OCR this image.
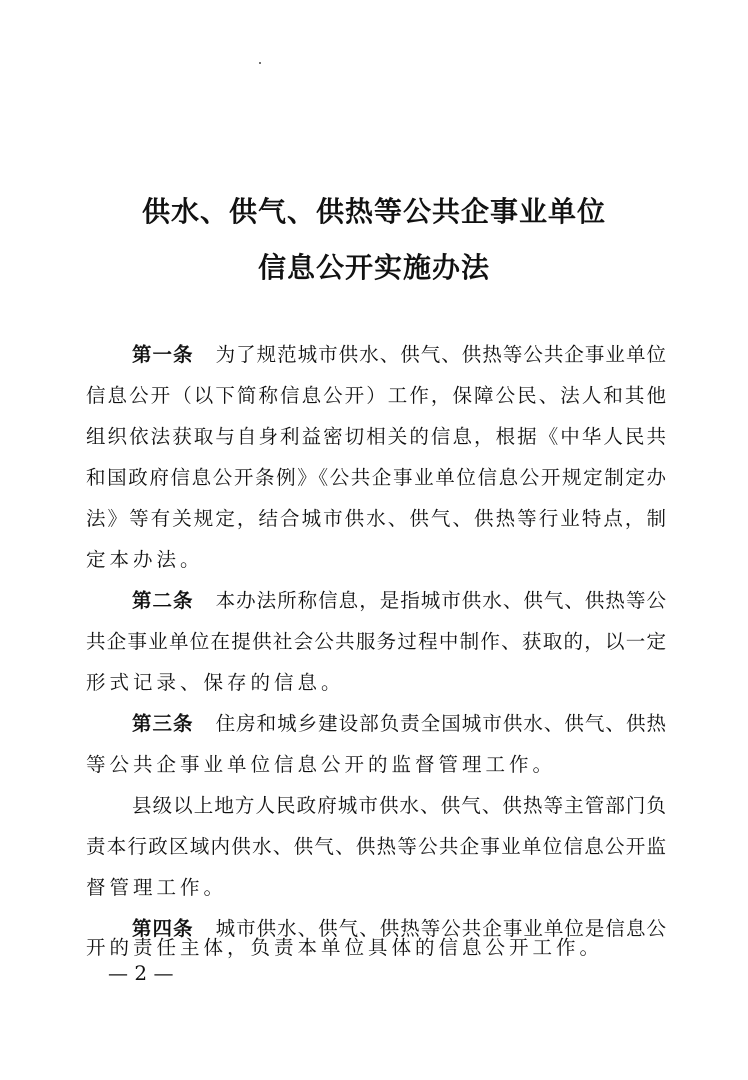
供水、供气、供热等公共企事业单位
信息公开实施办法
第一条 为了规范城市供水、供气、供热等公共企事业单位
信息公开（以下简称信息公开）工作，保障公民、法人和其他
组织依法获取与自身利益密切相关的信息，根据《中华人民共
和国政府信息公开条例》《公共企事业单位信息公开规定制定办
法》等有关规定，结合城市供水、供气、供热等行业特点，制
定本办法。
第二条 本办法所称信息，是指城市供水、供气、供热等公
共企事业单位在提供社会公共服务过程中制作、获取的，以一定
形式记录、保存的信息。
第三条 住房和城乡建设部负责全国城市供水、供气、供热
等公共企事业单位信息公开的监督管理工作。
县级以上地方人民政府城市供水、供气、供热等主管部门负
责本行政区域内供水、供气、供热等公共企事业单位信息公开监
督管理工作。
第四条 城市供水、供气、供热等公共企事业单位是信息公
开的责任主体，负责本单位具体的信息公开工作。
— 2 —
